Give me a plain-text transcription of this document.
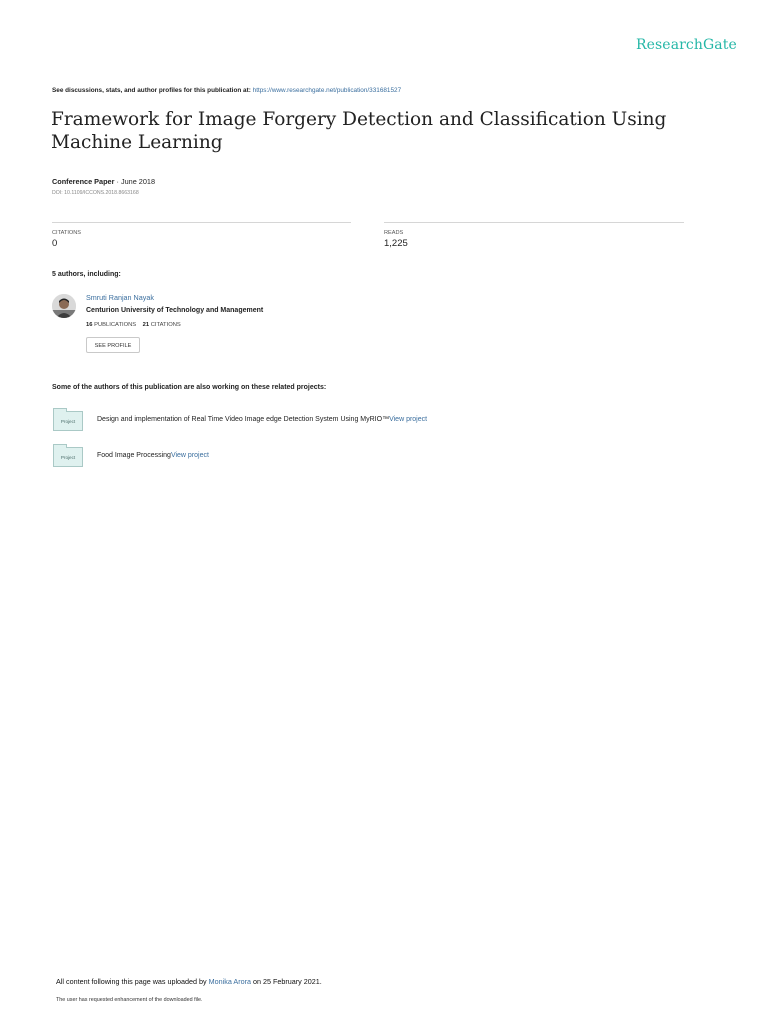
ResearchGate
See discussions, stats, and author profiles for this publication at: https://www.researchgate.net/publication/331681527
Framework for Image Forgery Detection and Classification Using Machine Learning
Conference Paper · June 2018
DOI: 10.1109/ICCONS.2018.8663168
CITATIONS
0
READS
1,225
5 authors, including:
Smruti Ranjan Nayak
Centurion University of Technology and Management
16 PUBLICATIONS 21 CITATIONS
SEE PROFILE
Some of the authors of this publication are also working on these related projects:
Project	Design and implementation of Real Time Video Image edge Detection System Using MyRIO™View project
Project	Food Image ProcessingView project
All content following this page was uploaded by Monika Arora on 25 February 2021.
The user has requested enhancement of the downloaded file.
